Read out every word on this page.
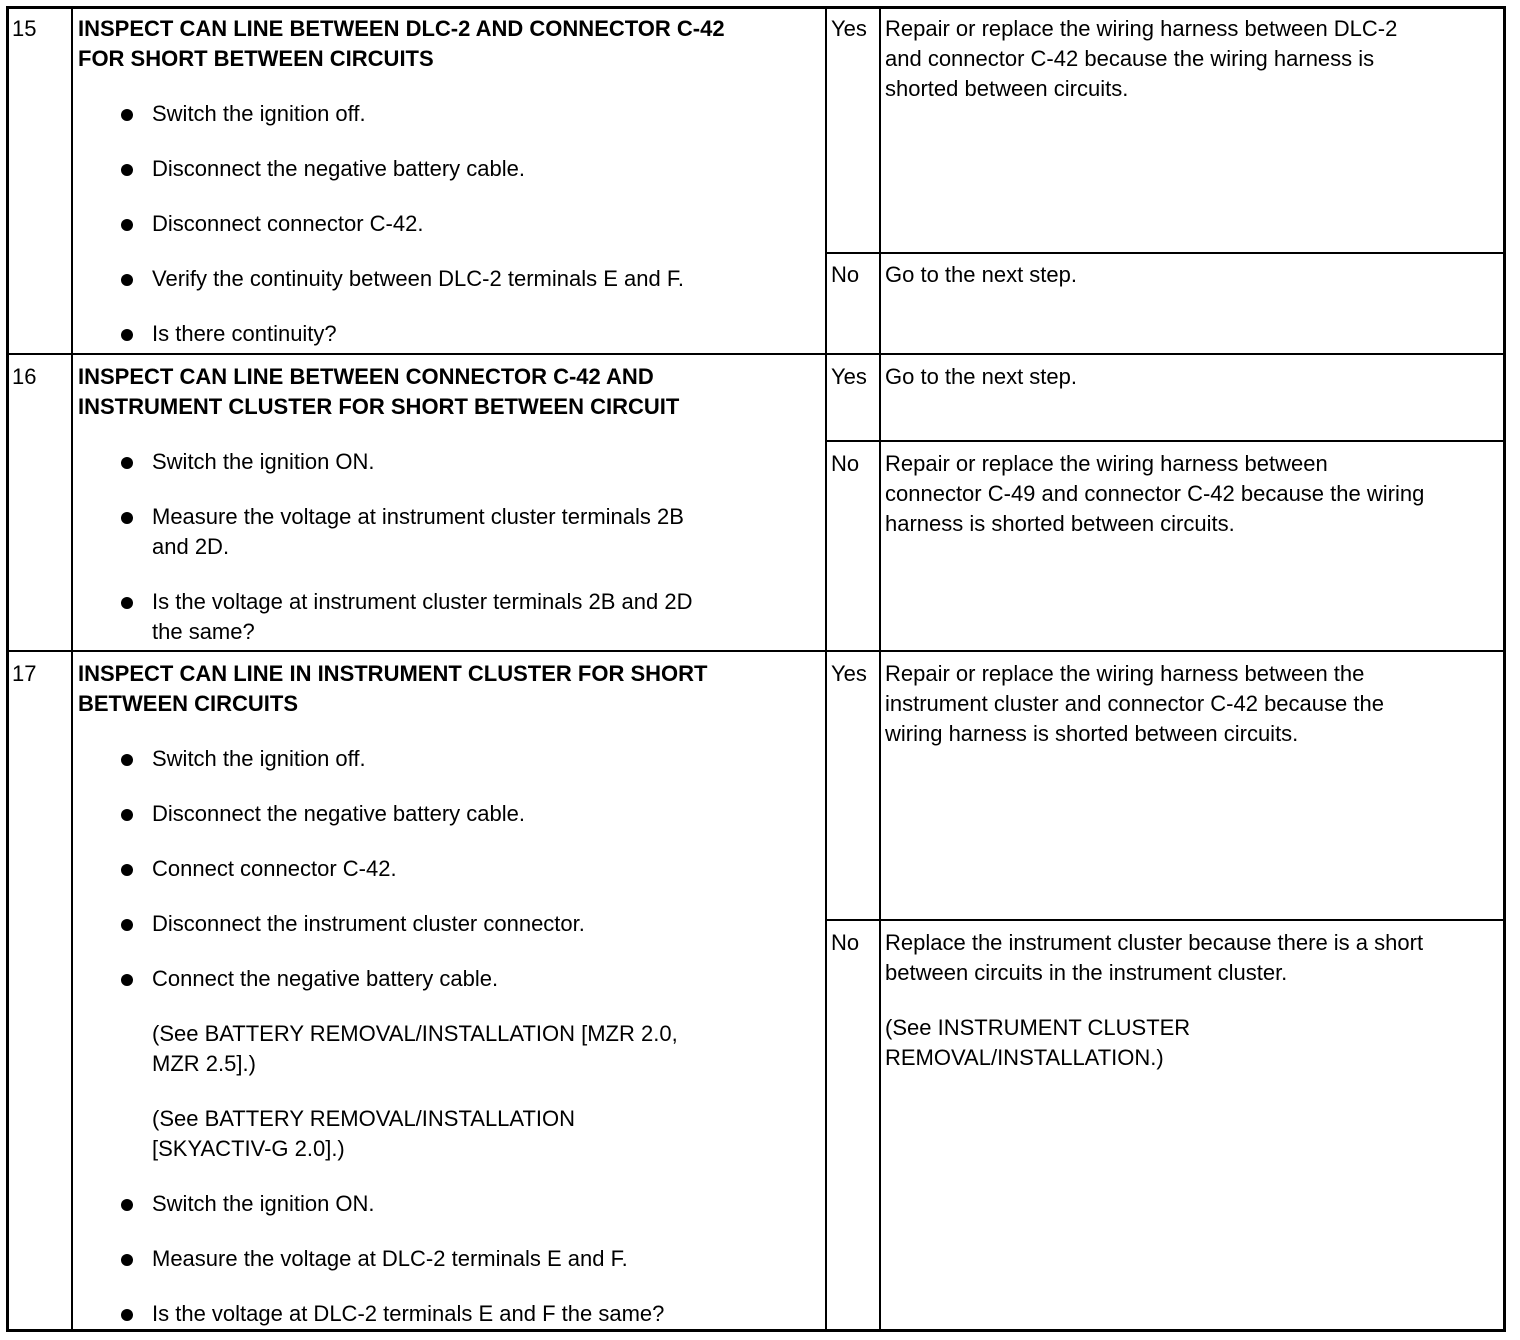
15 INSPECT CAN LINE BETWEEN DLC-2 AND CONNECTOR C-42
FOR SHORT BETWEEN CIRCUITS
Switch the ignition off.
Disconnect the negative battery cable.
Disconnect connector C-42.
Verify the continuity between DLC-2 terminals E and F.
Is there continuity?
Yes Repair or replace the wiring harness between DLC-2
and connector C-42 because the wiring harness is
shorted between circuits.
No Go to the next step.
16 INSPECT CAN LINE BETWEEN CONNECTOR C-42 AND
INSTRUMENT CLUSTER FOR SHORT BETWEEN CIRCUIT
Switch the ignition ON.
Measure the voltage at instrument cluster terminals 2B
and 2D.
Is the voltage at instrument cluster terminals 2B and 2D
the same?
Yes Go to the next step.
No Repair or replace the wiring harness between
connector C-49 and connector C-42 because the wiring
harness is shorted between circuits.
17 INSPECT CAN LINE IN INSTRUMENT CLUSTER FOR SHORT
BETWEEN CIRCUITS
Switch the ignition off.
Disconnect the negative battery cable.
Connect connector C-42.
Disconnect the instrument cluster connector.
Connect the negative battery cable.
(See BATTERY REMOVAL/INSTALLATION [MZR 2.0,
MZR 2.5].)
(See BATTERY REMOVAL/INSTALLATION
[SKYACTIV-G 2.0].)
Switch the ignition ON.
Measure the voltage at DLC-2 terminals E and F.
Is the voltage at DLC-2 terminals E and F the same?
Yes Repair or replace the wiring harness between the
instrument cluster and connector C-42 because the
wiring harness is shorted between circuits.
No Replace the instrument cluster because there is a short
between circuits in the instrument cluster.
(See INSTRUMENT CLUSTER
REMOVAL/INSTALLATION.)
